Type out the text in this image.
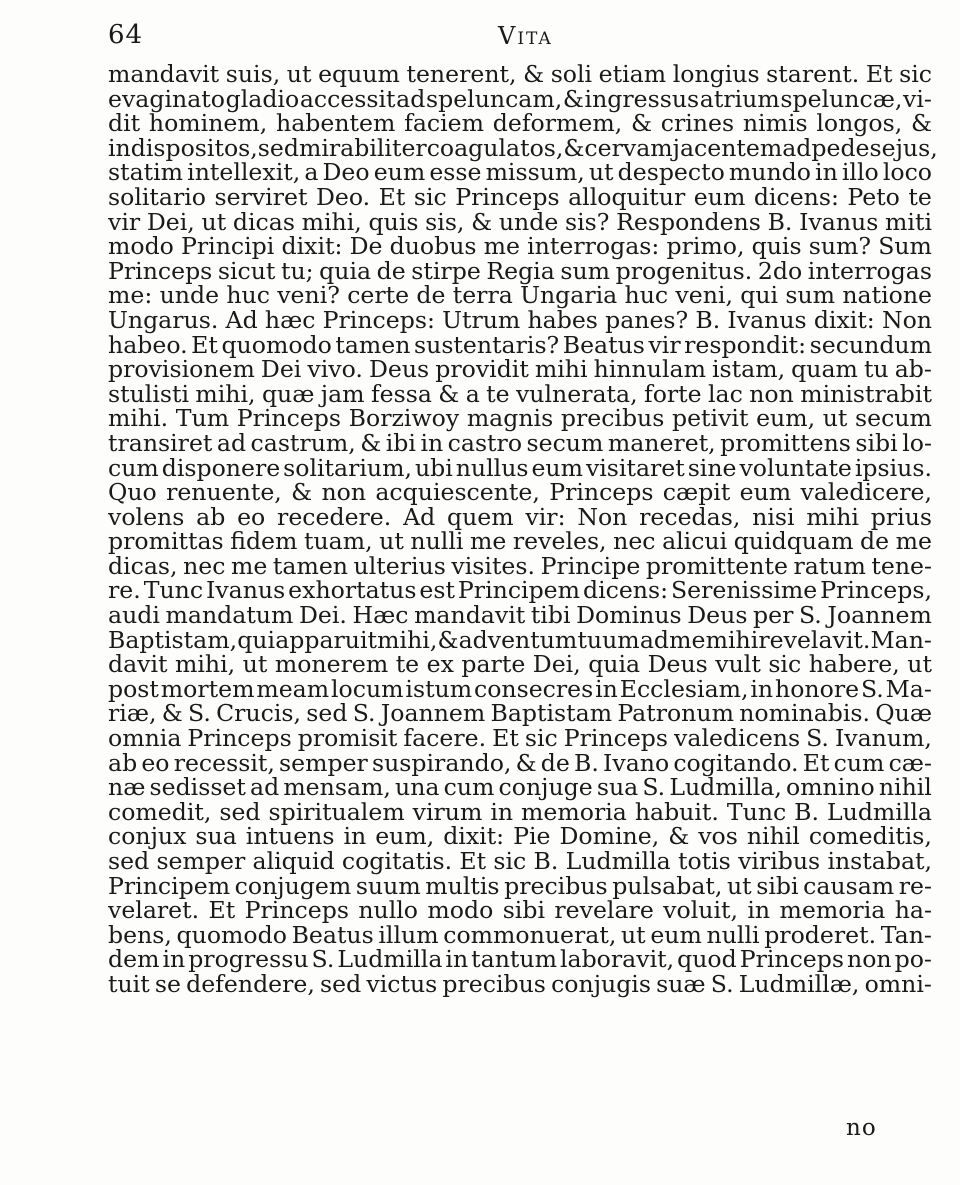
64	Vita
mandavit suis, ut equum tenerent, & soli etiam longius starent. Et sic
evaginato gladio accessit ad speluncam, & ingressus atrium speluncæ, vi-
dit hominem, habentem faciem deformem, & crines nimis longos, &
indispositos, sed mirabiliter coagulatos, & cervam jacentem ad pedes ejus,
statim intellexit, a Deo eum esse missum, ut despecto mundo in illo loco
solitario serviret Deo. Et sic Princeps alloquitur eum dicens: Peto te
vir Dei, ut dicas mihi, quis sis, & unde sis? Respondens B. Ivanus miti
modo Principi dixit: De duobus me interrogas: primo, quis sum? Sum
Princeps sicut tu; quia de stirpe Regia sum progenitus. 2do interrogas
me: unde huc veni? certe de terra Ungaria huc veni, qui sum natione
Ungarus. Ad hæc Princeps: Utrum habes panes? B. Ivanus dixit: Non
habeo. Et quomodo tamen sustentaris? Beatus vir respondit: secundum
provisionem Dei vivo. Deus providit mihi hinnulam istam, quam tu ab-
stulisti mihi, quæ jam fessa & a te vulnerata, forte lac non ministrabit
mihi. Tum Princeps Borziwoy magnis precibus petivit eum, ut secum
transiret ad castrum, & ibi in castro secum maneret, promittens sibi lo-
cum disponere solitarium, ubi nullus eum visitaret sine voluntate ipsius.
Quo renuente, & non acquiescente, Princeps cæpit eum valedicere,
volens ab eo recedere. Ad quem vir: Non recedas, nisi mihi prius
promittas fidem tuam, ut nulli me reveles, nec alicui quidquam de me
dicas, nec me tamen ulterius visites. Principe promittente ratum tene-
re. Tunc Ivanus exhortatus est Principem dicens: Serenissime Princeps,
audi mandatum Dei. Hæc mandavit tibi Dominus Deus per S. Joannem
Baptistam, qui apparuit mihi, & adventum tuum ad me mihi revelavit. Man-
davit mihi, ut monerem te ex parte Dei, quia Deus vult sic habere, ut
post mortem meam locum istum consecres in Ecclesiam, in honore S. Ma-
riæ, & S. Crucis, sed S. Joannem Baptistam Patronum nominabis. Quæ
omnia Princeps promisit facere. Et sic Princeps valedicens S. Ivanum,
ab eo recessit, semper suspirando, & de B. Ivano cogitando. Et cum cæ-
næ sedisset ad mensam, una cum conjuge sua S. Ludmilla, omnino nihil
comedit, sed spiritualem virum in memoria habuit. Tunc B. Ludmilla
conjux sua intuens in eum, dixit: Pie Domine, & vos nihil comeditis,
sed semper aliquid cogitatis. Et sic B. Ludmilla totis viribus instabat,
Principem conjugem suum multis precibus pulsabat, ut sibi causam re-
velaret. Et Princeps nullo modo sibi revelare voluit, in memoria ha-
bens, quomodo Beatus illum commonuerat, ut eum nulli proderet. Tan-
dem in progressu S. Ludmilla in tantum laboravit, quod Princeps non po-
tuit se defendere, sed victus precibus conjugis suæ S. Ludmillæ, omni-
no
